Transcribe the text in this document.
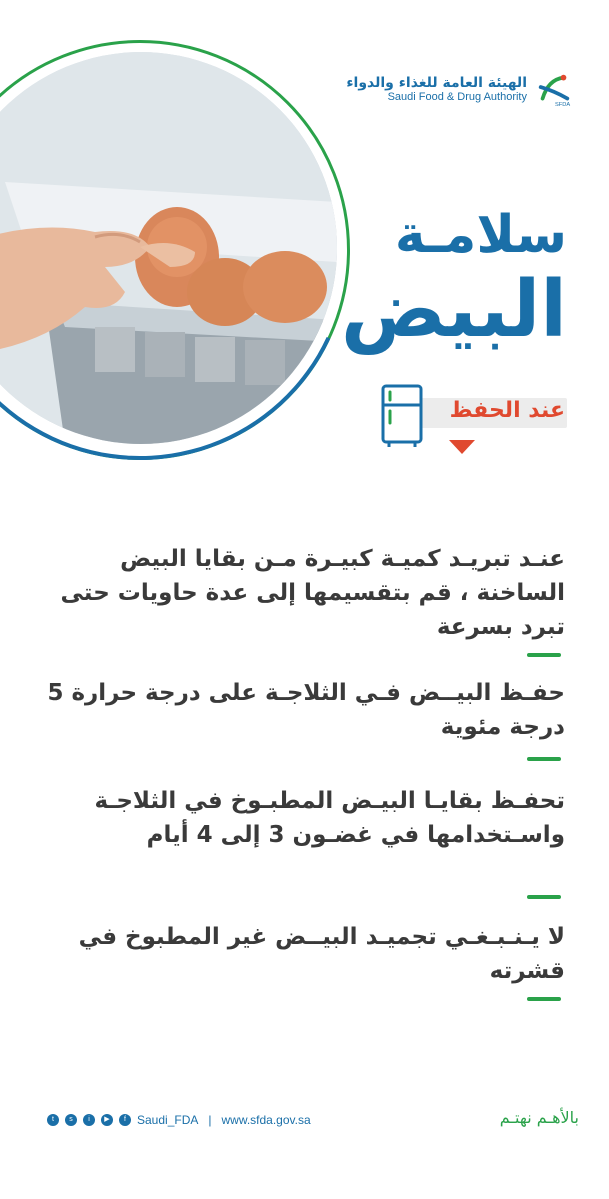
الهيئة العامة للغذاء والدواء
Saudi Food & Drug Authority
SFDA
سلامـة
البيض
عند الحفظ
عنـد تبريـد كميـة كبيـرة مـن بقايا البيض الساخنة ، قم بتقسيمها إلى عدة حاويات حتى تبرد بسرعة
حفـظ البيــض فـي الثلاجـة على درجة حرارة 5 درجة مئوية
تحفـظ بقايـا البيـض المطبـوخ في الثلاجـة واسـتخدامها في غضـون 3 إلى 4 أيام
لا يـنـبـغـي تجميـد البيــض غير المطبوخ في قشرته
t	s	i	▶	f Saudi_FDA | www.sfda.gov.sa	بالأهـم نهتـم
